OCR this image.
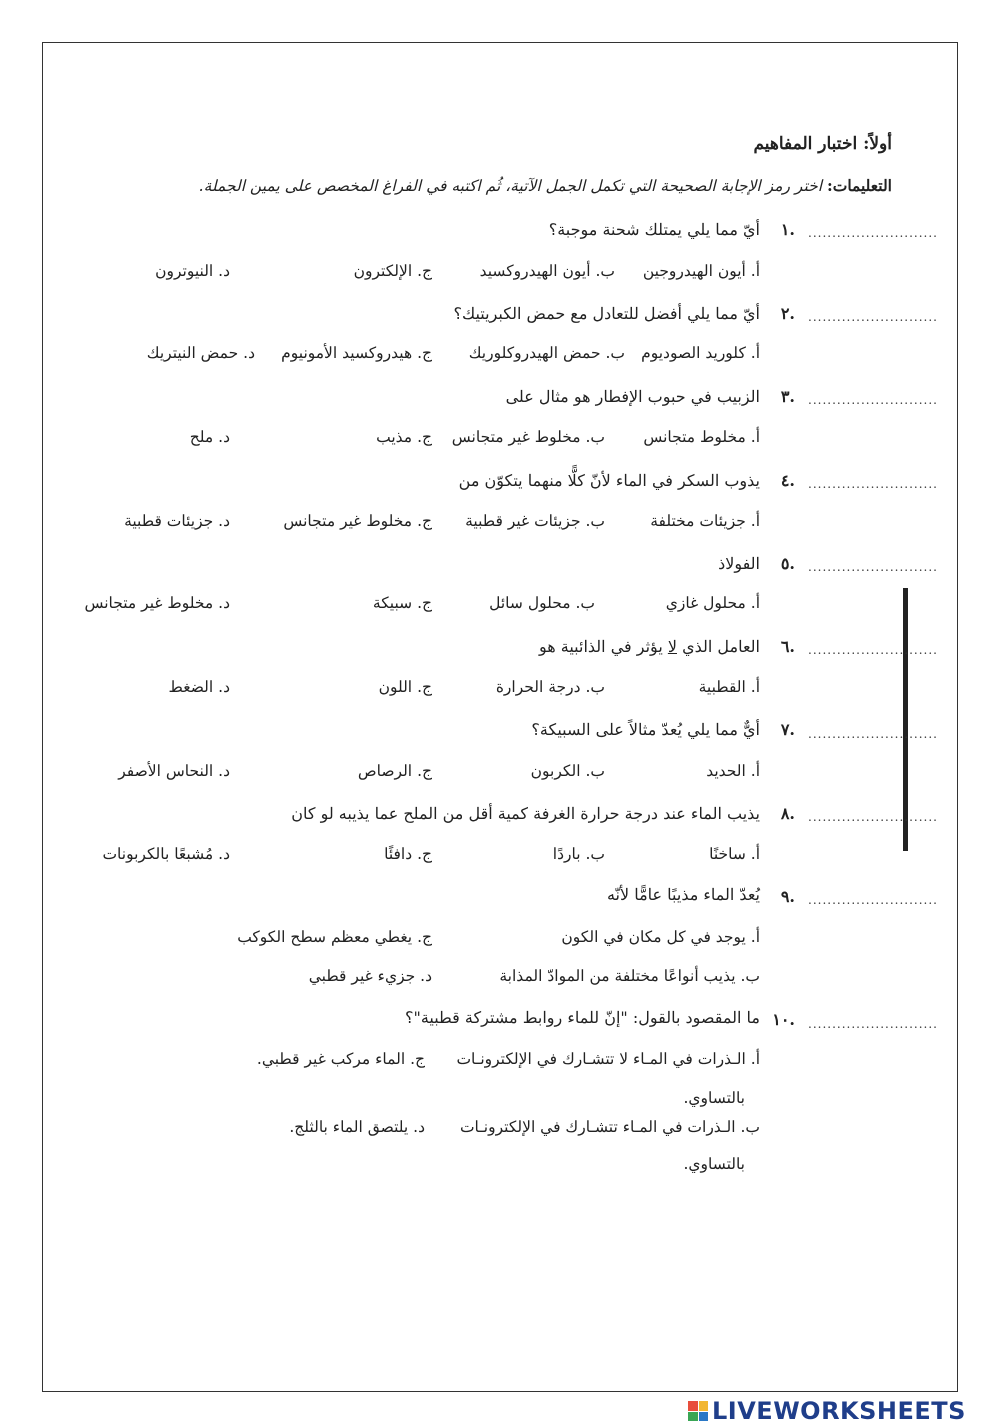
أولاً: اختبار المفاهيم
التعليمات: اختر رمز الإجابة الصحيحة التي تكمل الجمل الآتية، ثُم اكتبه في الفراغ المخصص على يمين الجملة.
...........................
.١
أيّ مما يلي يمتلك شحنة موجبة؟
أ. أيون الهيدروجين
ب. أيون الهيدروكسيد
ج. الإلكترون
د. النيوترون
...........................
.٢
أيّ مما يلي أفضل للتعادل مع حمض الكبريتيك؟
أ. كلوريد الصوديوم
ب. حمض الهيدروكلوريك
ج. هيدروكسيد الأمونيوم
د. حمض النيتريك
...........................
.٣
الزبيب في حبوب الإفطار هو مثال على
أ. مخلوط متجانس
ب. مخلوط غير متجانس
ج. مذيب
د. ملح
...........................
.٤
يذوب السكر في الماء لأنّ كلًّا منهما يتكوّن من
أ. جزيئات مختلفة
ب. جزيئات غير قطبية
ج. مخلوط غير متجانس
د. جزيئات قطبية
...........................
.٥
الفولاذ
أ. محلول غازي
ب. محلول سائل
ج. سبيكة
د. مخلوط غير متجانس
...........................
.٦
العامل الذي لا يؤثر في الذائبية هو
أ. القطبية
ب. درجة الحرارة
ج. اللون
د. الضغط
...........................
.٧
أيٌّ مما يلي يُعدّ مثالاً على السبيكة؟
أ. الحديد
ب. الكربون
ج. الرصاص
د. النحاس الأصفر
...........................
.٨
يذيب الماء عند درجة حرارة الغرفة كمية أقل من الملح عما يذيبه لو كان
أ. ساخنًا
ب. باردًا
ج. دافئًا
د. مُشبعًا بالكربونات
...........................
.٩
يُعدّ الماء مذيبًا عامًّا لأنّه
أ. يوجد في كل مكان في الكون
ج. يغطي معظم سطح الكوكب
ب. يذيب أنواعًا مختلفة من الموادّ المذابة
د. جزيء غير قطبي
...........................
.١٠
ما المقصود بالقول: "إنّ للماء روابط مشتركة قطبية"؟
أ. الـذرات في المـاء لا تتشـارك في الإلكترونـات
بالتساوي.
ج. الماء مركب غير قطبي.
ب. الـذرات في المـاء تتشـارك في الإلكترونـات
بالتساوي.
د. يلتصق الماء بالثلج.
LIVEWORKSHEETS
